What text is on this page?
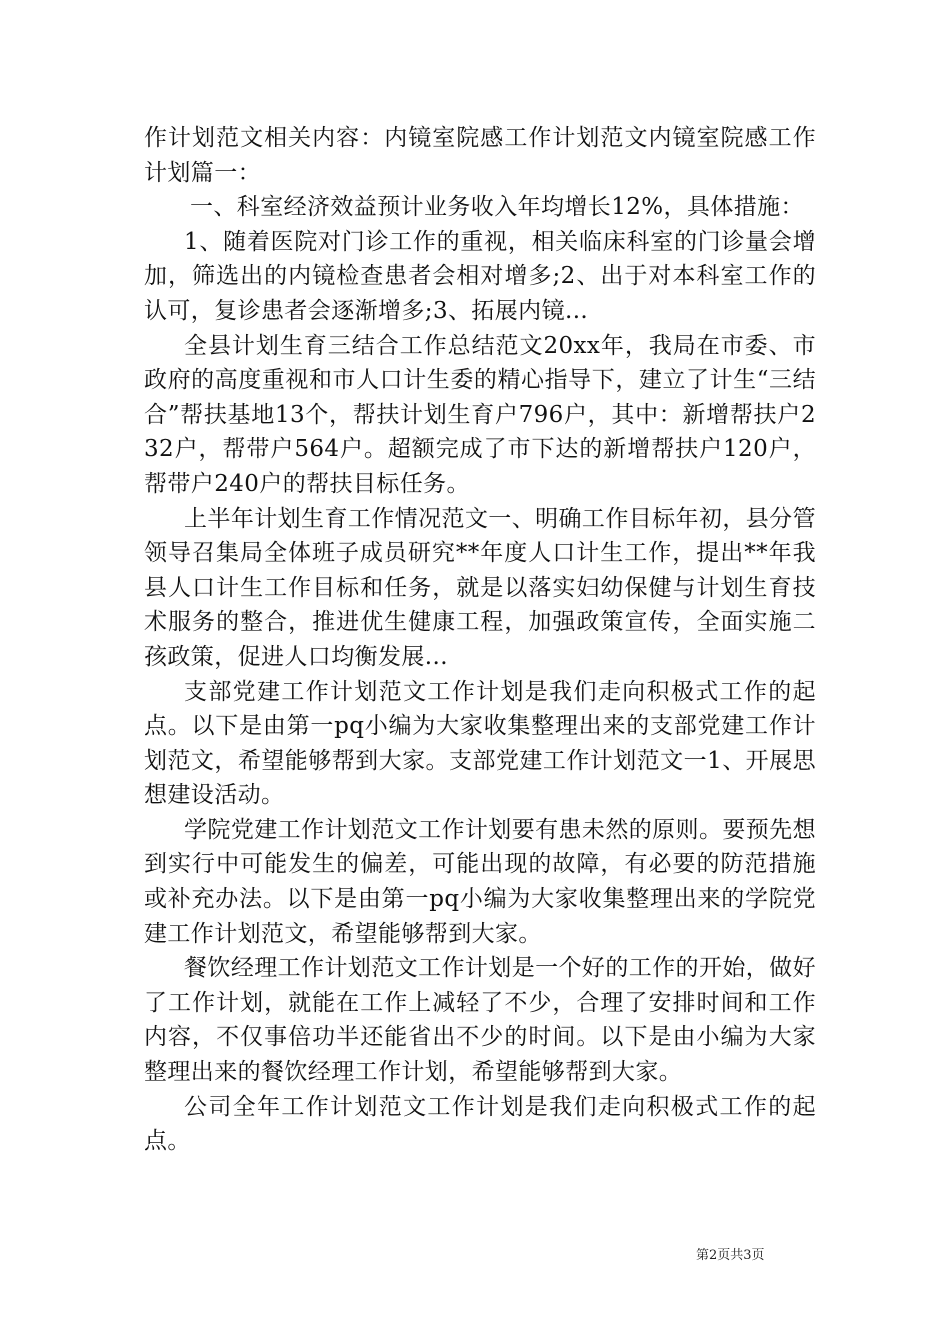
作计划范文相关内容：内镜室院感工作计划范文内镜室院感工作计划篇一：

一、科室经济效益预计业务收入年均增长12%，具体措施：

1、随着医院对门诊工作的重视，相关临床科室的门诊量会增加，筛选出的内镜检查患者会相对增多;2、出于对本科室工作的认可，复诊患者会逐渐增多;3、拓展内镜...

全县计划生育三结合工作总结范文20xx年，我局在市委、市政府的高度重视和市人口计生委的精心指导下，建立了计生“三结合”帮扶基地13个，帮扶计划生育户796户，其中：新增帮扶户232户，帮带户564户。超额完成了市下达的新增帮扶户120户，帮带户240户的帮扶目标任务。

上半年计划生育工作情况范文一、明确工作目标年初，县分管领导召集局全体班子成员研究**年度人口计生工作，提出**年我县人口计生工作目标和任务，就是以落实妇幼保健与计划生育技术服务的整合，推进优生健康工程，加强政策宣传，全面实施二孩政策，促进人口均衡发展...

支部党建工作计划范文工作计划是我们走向积极式工作的起点。以下是由第一pq小编为大家收集整理出来的支部党建工作计划范文，希望能够帮到大家。支部党建工作计划范文一1、开展思想建设活动。

学院党建工作计划范文工作计划要有患未然的原则。要预先想到实行中可能发生的偏差，可能出现的故障，有必要的防范措施或补充办法。以下是由第一pq小编为大家收集整理出来的学院党建工作计划范文，希望能够帮到大家。

餐饮经理工作计划范文工作计划是一个好的工作的开始，做好了工作计划，就能在工作上减轻了不少，合理了安排时间和工作内容，不仅事倍功半还能省出不少的时间。以下是由小编为大家整理出来的餐饮经理工作计划，希望能够帮到大家。

公司全年工作计划范文工作计划是我们走向积极式工作的起点。

第2页共3页
